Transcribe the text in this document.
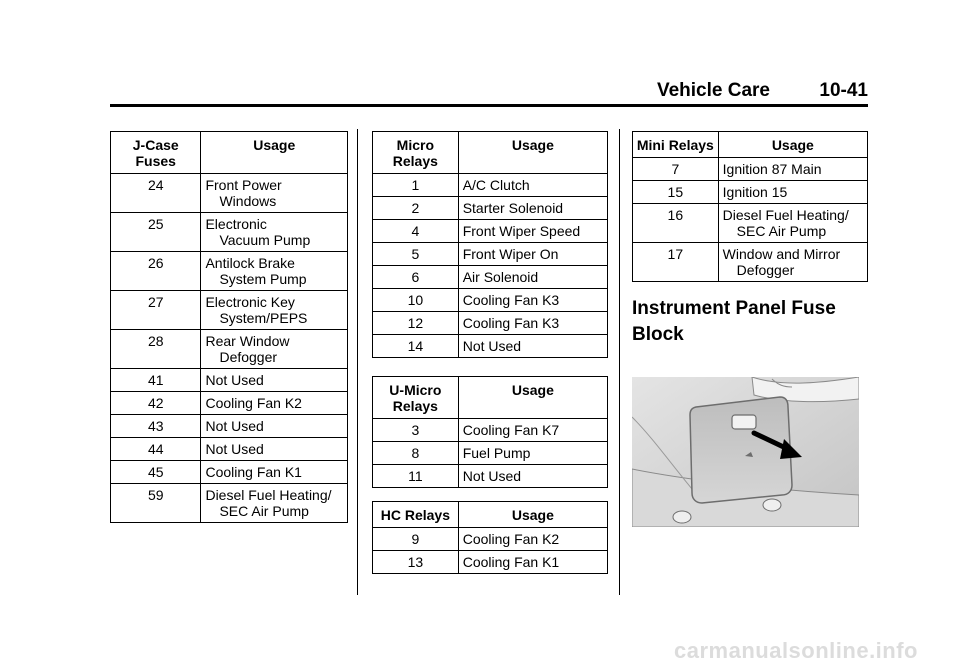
Vehicle Care	10-41
J-Case Fuses	Usage
24	Front Power
Windows

25	Electronic
Vacuum Pump

26	Antilock Brake
System Pump

27	Electronic Key
System/PEPS

28	Rear Window
Defogger

41	Not Used
42	Cooling Fan K2
43	Not Used
44	Not Used
45	Cooling Fan K1
59	Diesel Fuel Heating/
SEC Air Pump
Micro Relays	Usage
1	A/C Clutch
2	Starter Solenoid
4	Front Wiper Speed
5	Front Wiper On
6	Air Solenoid
10	Cooling Fan K3
12	Cooling Fan K3
14	Not Used
U-Micro Relays	Usage
3	Cooling Fan K7
8	Fuel Pump
11	Not Used
HC Relays	Usage
9	Cooling Fan K2
13	Cooling Fan K1
Mini Relays	Usage
7	Ignition 87 Main
15	Ignition 15
16	Diesel Fuel Heating/
SEC Air Pump

17	Window and Mirror
Defogger
Instrument Panel Fuse Block
carmanualsonline.info
